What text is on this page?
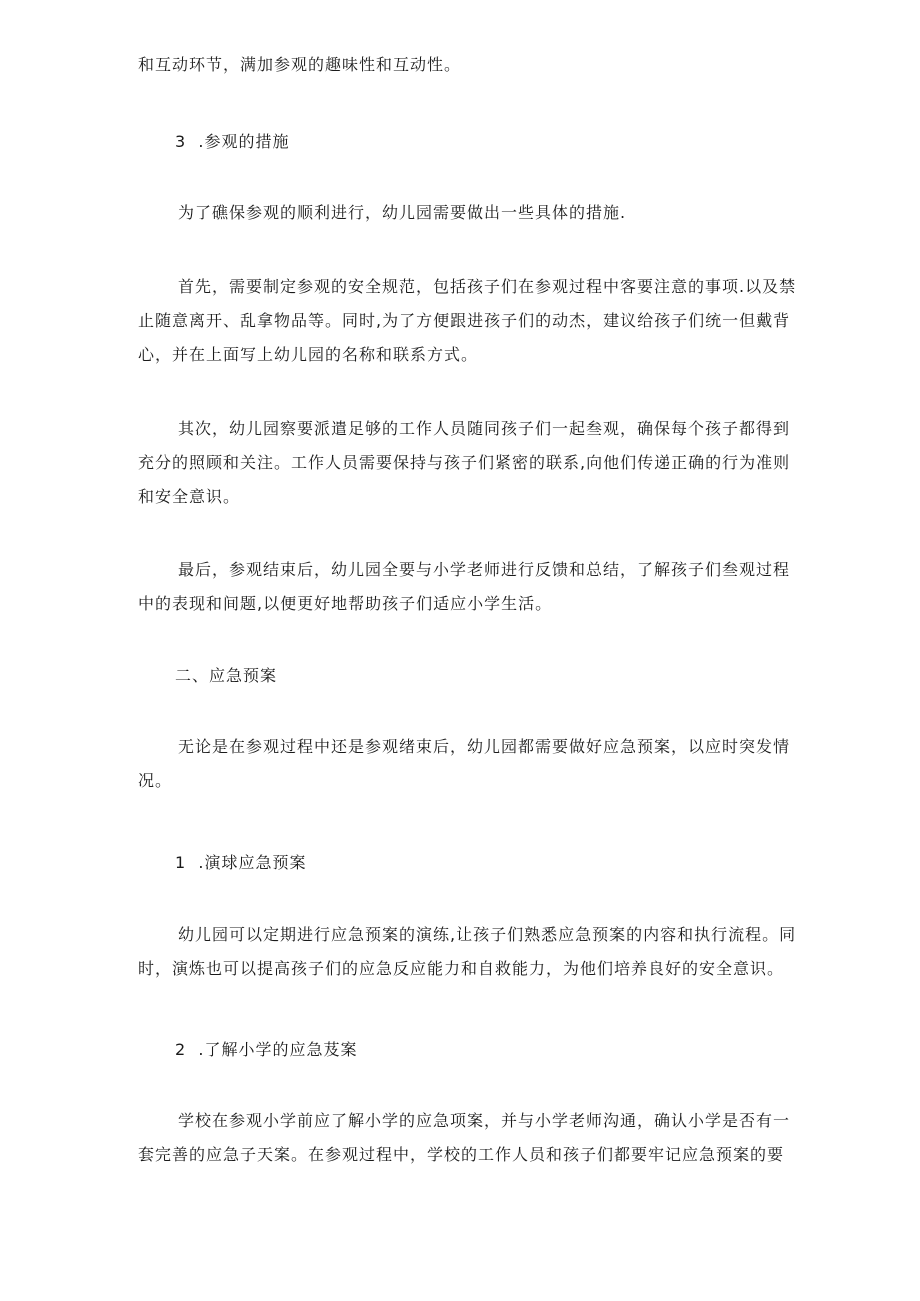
和互动环节，满加参观的趣味性和互动性。

3  .参观的措施

为了礁保参观的顺利进行，幼儿园需要做出一些具体的措施.

首先，需要制定参观的安全规范，包括孩子们在参观过程中客要注意的事项.以及禁
止随意离开、乱拿物品等。同时,为了方便跟进孩子们的动杰，建议给孩子们统一但戴背
心，并在上面写上幼儿园的名称和联系方式。

其次，幼儿园察要派遣足够的工作人员随同孩子们一起叁观，确保每个孩子都得到
充分的照顾和关注。工作人员需要保持与孩子们紧密的联系,向他们传递正确的行为准则
和安全意识。

最后，参观结束后，幼儿园全要与小学老师进行反馈和总结，了解孩子们叁观过程
中的表现和间题,以便更好地帮助孩子们适应小学生活。

二、应急预案

无论是在参观过程中还是参观绪束后，幼儿园都需要做好应急预案，以应时突发情
况。

1  .演球应急预案

幼儿园可以定期进行应急预案的演练,让孩子们熟悉应急预案的内容和执行流程。同
时，演炼也可以提高孩子们的应急反应能力和自救能力，为他们培养良好的安全意识。

2  .了解小学的应急芨案

学校在参观小学前应了解小学的应急项案，并与小学老师沟通，确认小学是否有一
套完善的应急子天案。在参观过程中，学校的工作人员和孩子们都要牢记应急预案的要
